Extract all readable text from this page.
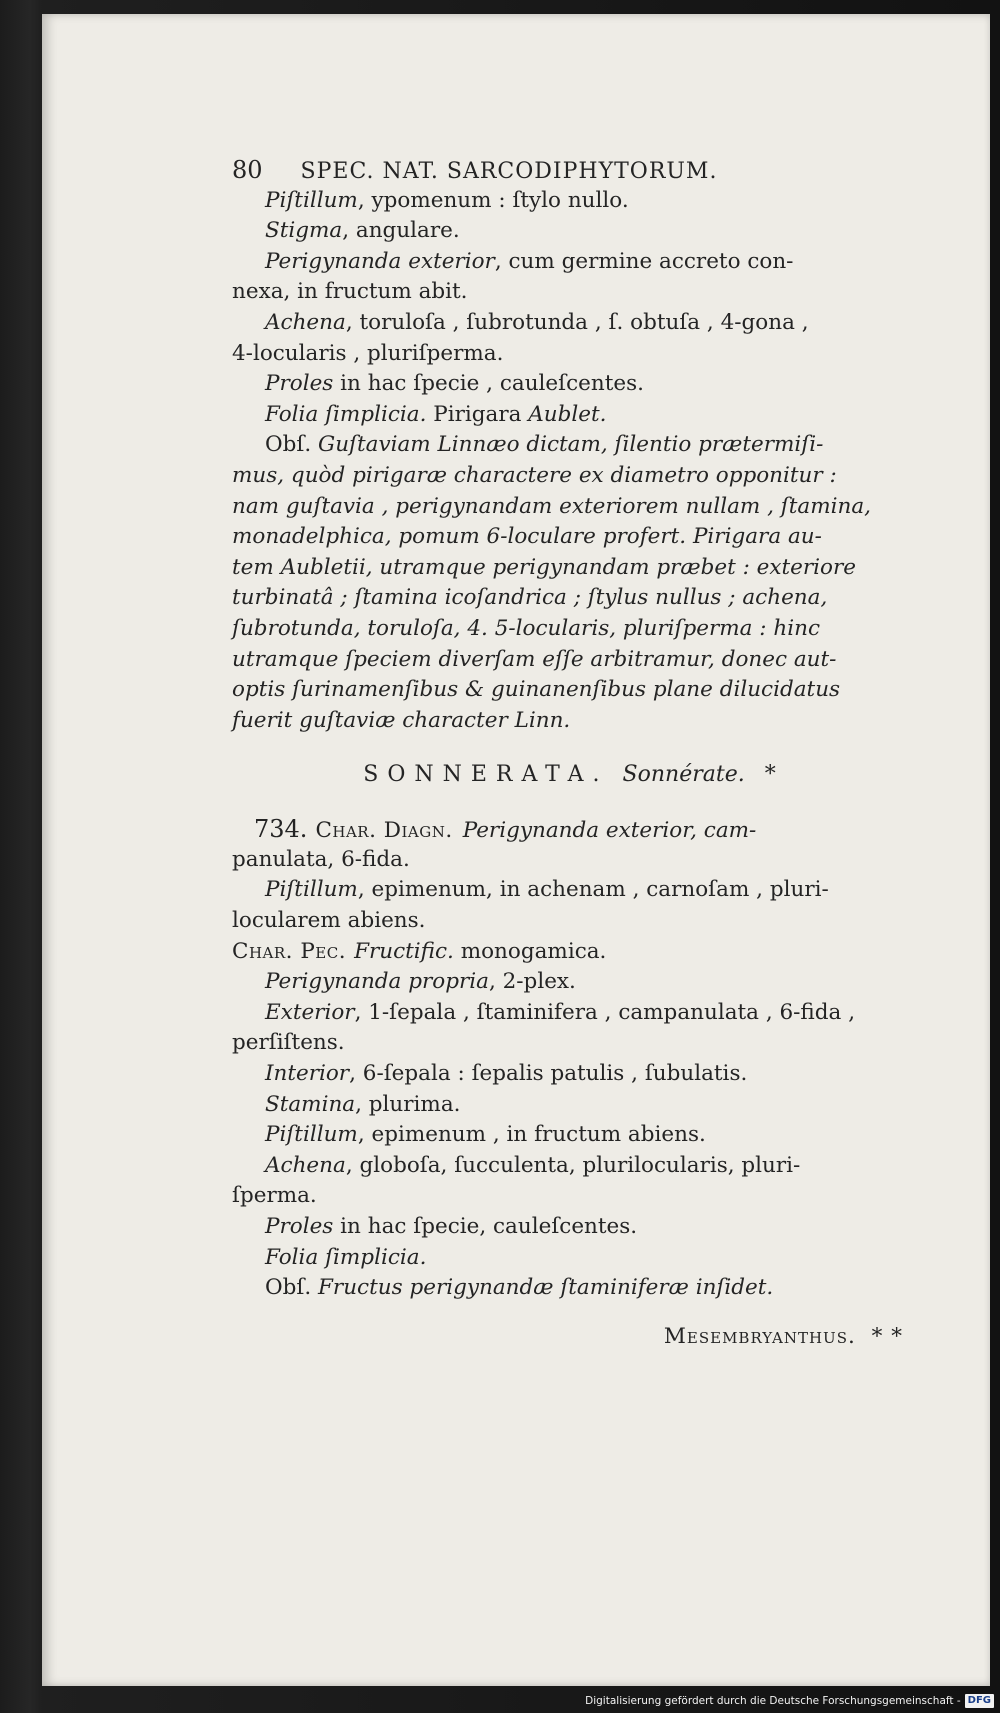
80 SPEC. NAT. SARCODIPHYTORUM.
Piſtillum, ypomenum : ſtylo nullo.
Stigma, angulare.
Perigynanda exterior, cum germine accreto con-
nexa, in fructum abit.
Achena, toruloſa , ſubrotunda , ſ. obtuſa , 4-gona ,
4-locularis , pluriſperma.
Proles in hac ſpecie , cauleſcentes.
Folia ſimplicia. Pirigara Aublet.
Obſ. Guſtaviam Linnæo dictam, ſilentio prætermiſi-
mus, quòd pirigaræ charactere ex diametro opponitur :
nam guſtavia , perigynandam exteriorem nullam , ſtamina,
monadelphica, pomum 6-loculare profert. Pirigara au-
tem Aubletii, utramque perigynandam præbet : exteriore
turbinatâ ; ſtamina icoſandrica ; ſtylus nullus ; achena,
ſubrotunda, toruloſa, 4. 5-locularis, pluriſperma : hinc
utramque ſpeciem diverſam eſſe arbitramur, donec aut-
optis ſurinamenſibus & guinanenſibus plane dilucidatus
fuerit guſtaviæ character Linn.
SONNERATA. Sonnérate. *
734. Char. Diagn. Perigynanda exterior, cam-
panulata, 6-fida.
Piſtillum, epimenum, in achenam , carnoſam , pluri-
locularem abiens.
Char. Pec. Fructific. monogamica.
Perigynanda propria, 2-plex.
Exterior, 1-ſepala , ſtaminifera , campanulata , 6-fida ,
perſiſtens.
Interior, 6-ſepala : ſepalis patulis , ſubulatis.
Stamina, plurima.
Piſtillum, epimenum , in fructum abiens.
Achena, globoſa, ſucculenta, plurilocularis, pluri-
ſperma.
Proles in hac ſpecie, cauleſcentes.
Folia ſimplicia.
Obſ. Fructus perigynandæ ſtaminiferæ inſidet.
Mesembryanthus. * *
Digitalisierung gefördert durch die Deutsche Forschungsgemeinschaft - DFG
